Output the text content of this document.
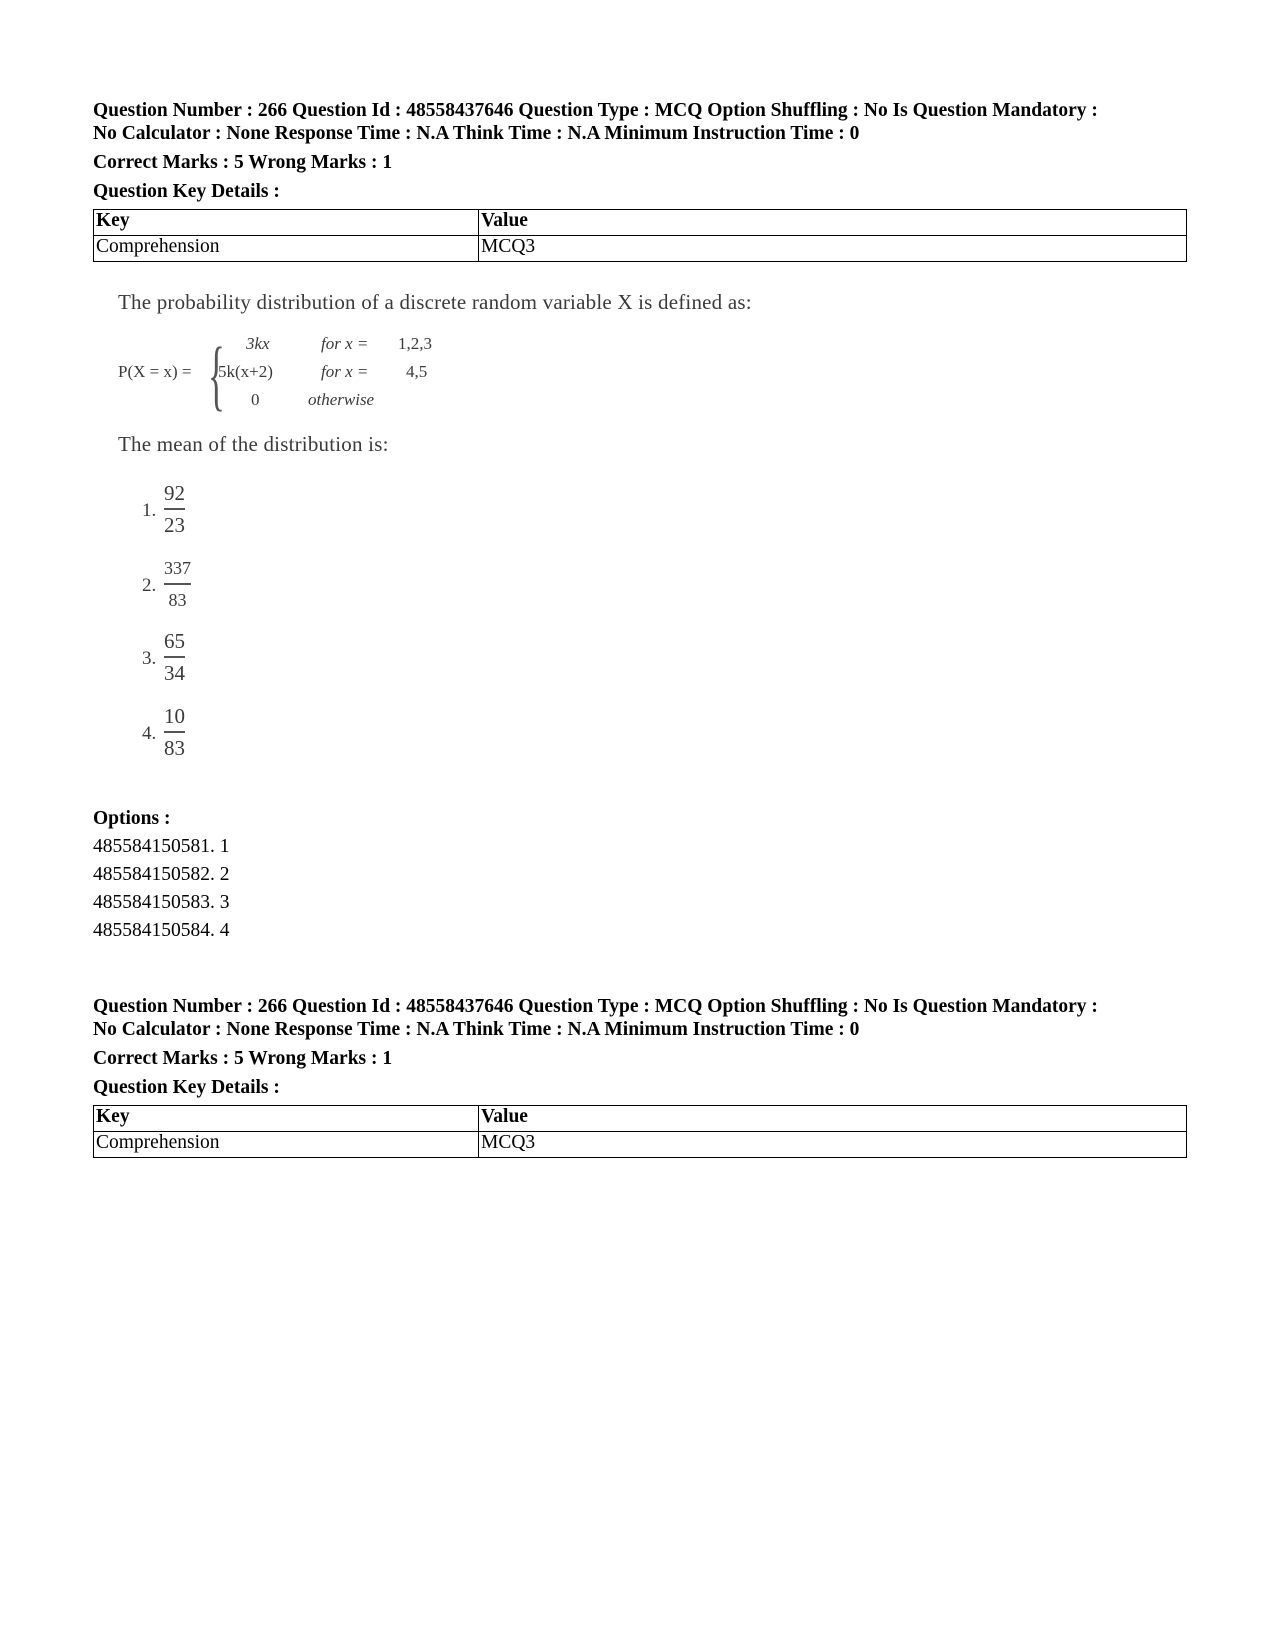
Question Number : 266 Question Id : 48558437646 Question Type : MCQ Option Shuffling : No Is Question Mandatory :

No Calculator : None Response Time : N.A Think Time : N.A Minimum Instruction Time : 0

Correct Marks : 5 Wrong Marks : 1

Question Key Details :

Key	Value
Comprehension	MCQ3
The probability distribution of a discrete random variable X is defined as:
P(X = x) = { 3kx	for x = 1,2,3
5k(x+2)	for x = 4,5
0	otherwise
The mean of the distribution is:
1.
92
23
2.
337
83
3.
65
34
4.
10
83
Options :
485584150581. 1
485584150582. 2
485584150583. 3
485584150584. 4

Question Number : 266 Question Id : 48558437646 Question Type : MCQ Option Shuffling : No Is Question Mandatory :

No Calculator : None Response Time : N.A Think Time : N.A Minimum Instruction Time : 0

Correct Marks : 5 Wrong Marks : 1

Question Key Details :

Key	Value
Comprehension	MCQ3
